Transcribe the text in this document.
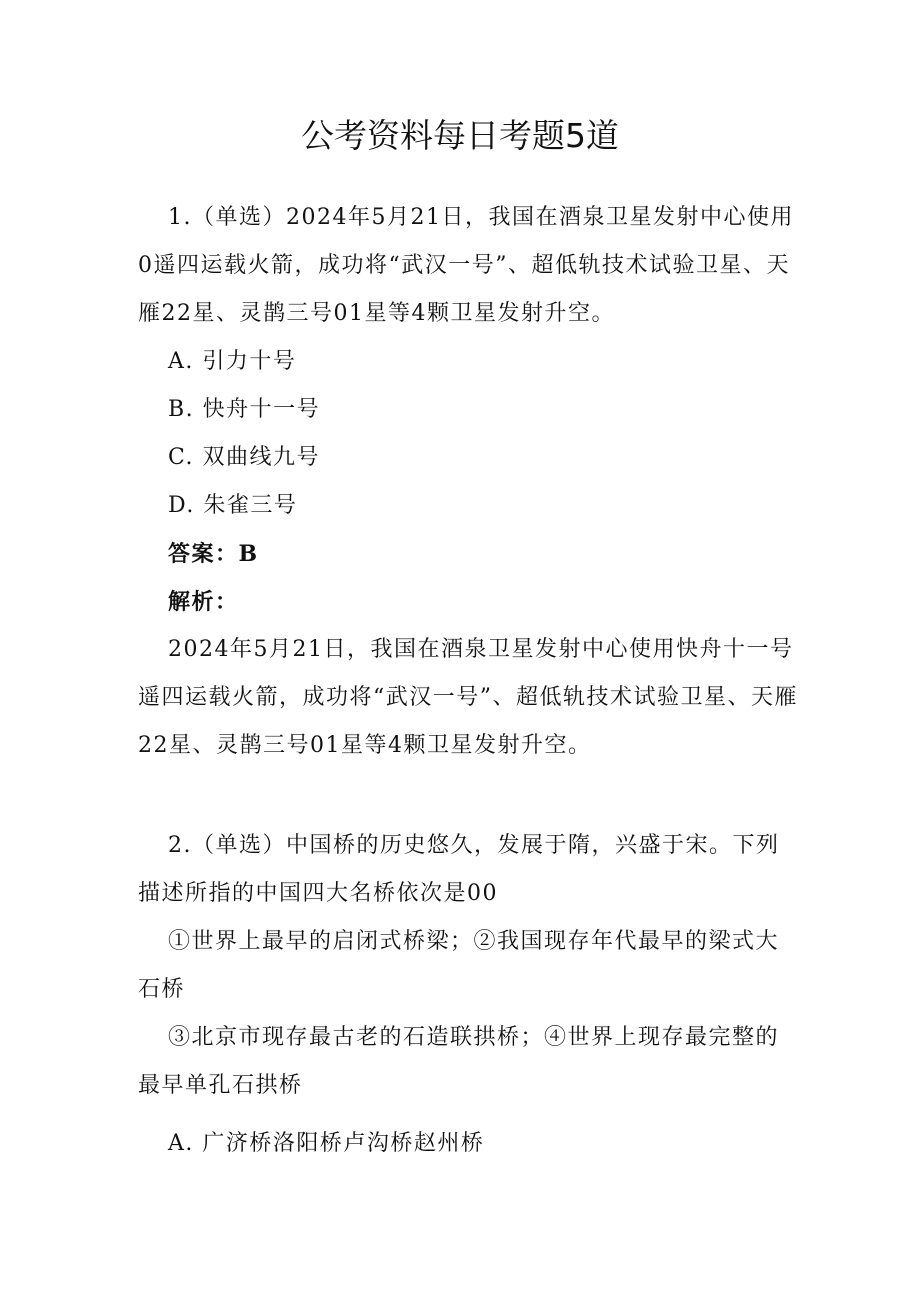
公考资料每日考题5道
1.（单选）2024年5月21日，我国在酒泉卫星发射中心使用0遥四运载火箭，成功将“武汉一号”、超低轨技术试验卫星、天雁22星、灵鹊三号01星等4颗卫星发射升空。
A. 引力十号
B. 快舟十一号
C. 双曲线九号
D. 朱雀三号
答案：B
解析：
2024年5月21日，我国在酒泉卫星发射中心使用快舟十一号遥四运载火箭，成功将“武汉一号”、超低轨技术试验卫星、天雁22星、灵鹊三号01星等4颗卫星发射升空。
2.（单选）中国桥的历史悠久，发展于隋，兴盛于宋。下列描述所指的中国四大名桥依次是00
①世界上最早的启闭式桥梁；②我国现存年代最早的梁式大石桥
③北京市现存最古老的石造联拱桥；④世界上现存最完整的最早单孔石拱桥
A. 广济桥洛阳桥卢沟桥赵州桥
